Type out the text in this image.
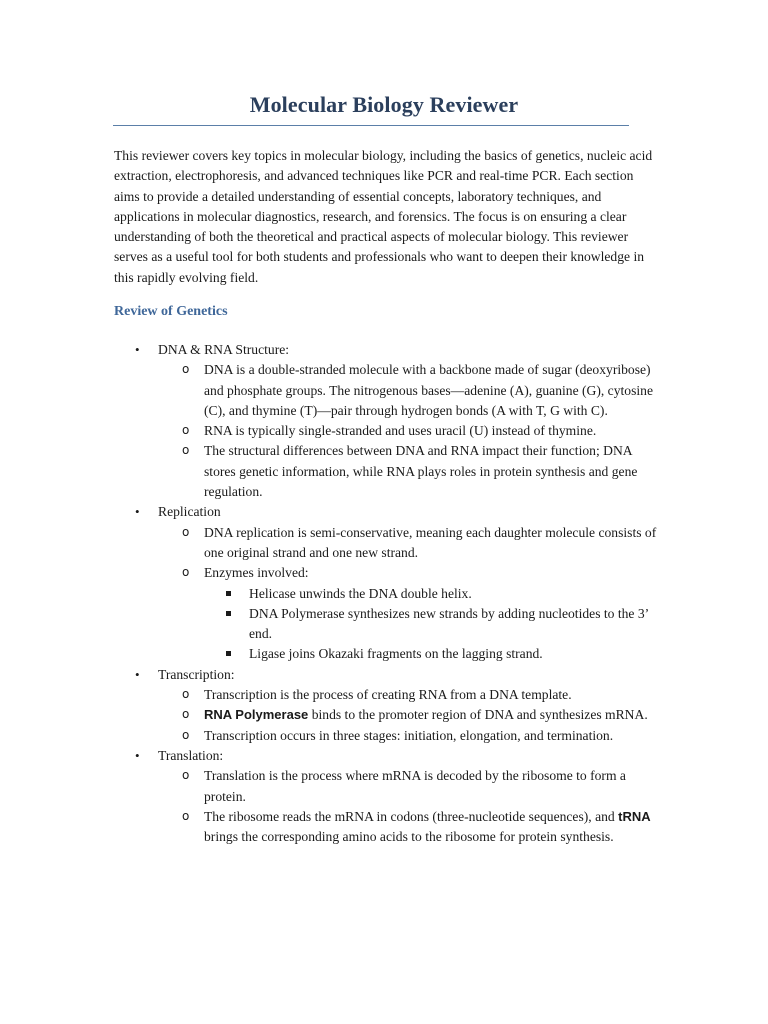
Molecular Biology Reviewer

This reviewer covers key topics in molecular biology, including the basics of genetics, nucleic acid extraction, electrophoresis, and advanced techniques like PCR and real-time PCR. Each section aims to provide a detailed understanding of essential concepts, laboratory techniques, and applications in molecular diagnostics, research, and forensics. The focus is on ensuring a clear understanding of both the theoretical and practical aspects of molecular biology. This reviewer serves as a useful tool for both students and professionals who want to deepen their knowledge in this rapidly evolving field.

Review of Genetics
• DNA & RNA Structure:
o DNA is a double-stranded molecule with a backbone made of sugar (deoxyribose) and phosphate groups. The nitrogenous bases—adenine (A), guanine (G), cytosine (C), and thymine (T)—pair through hydrogen bonds (A with T, G with C).
o RNA is typically single-stranded and uses uracil (U) instead of thymine.
o The structural differences between DNA and RNA impact their function; DNA stores genetic information, while RNA plays roles in protein synthesis and gene regulation.
• Replication
o DNA replication is semi-conservative, meaning each daughter molecule consists of one original strand and one new strand.
o Enzymes involved:
Helicase unwinds the DNA double helix.
DNA Polymerase synthesizes new strands by adding nucleotides to the 3’ end.
Ligase joins Okazaki fragments on the lagging strand.
• Transcription:
o Transcription is the process of creating RNA from a DNA template.
o RNA Polymerase binds to the promoter region of DNA and synthesizes mRNA.
o Transcription occurs in three stages: initiation, elongation, and termination.
• Translation:
o Translation is the process where mRNA is decoded by the ribosome to form a protein.
o The ribosome reads the mRNA in codons (three-nucleotide sequences), and tRNA brings the corresponding amino acids to the ribosome for protein synthesis.
